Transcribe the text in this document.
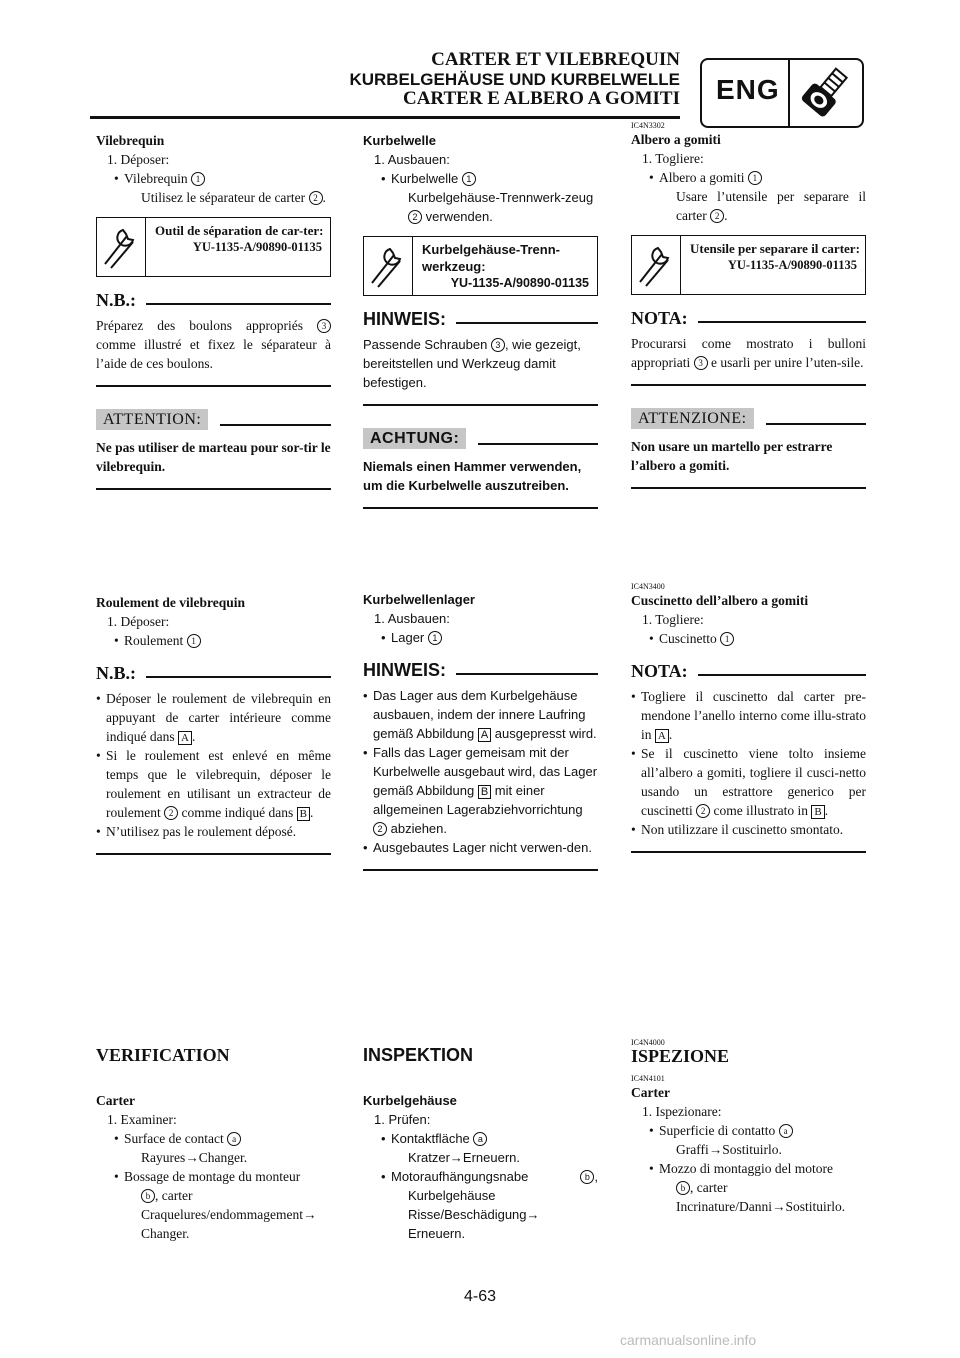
CARTER ET VILEBREQUIN
KURBELGEHÄUSE UND KURBELWELLE
CARTER E ALBERO A GOMITI ENG
Vilebrequin
1. Déposer:
• Vilebrequin 1
Utilisez le séparateur de carter 2 .
Outil de séparation de car-ter:
YU-1135-A/90890-01135
N.B.:
Préparez des boulons appropriés 3 comme illustré et fixez le séparateur à l’aide de ces boulons.
ATTENTION:
Ne pas utiliser de marteau pour sor-tir le vilebrequin.
Roulement de vilebrequin
1. Déposer:
• Roulement 1
N.B.:
• Déposer le roulement de vilebrequin en appuyant de carter intérieure comme indiqué dans A .
• Si le roulement est enlevé en même temps que le vilebrequin, déposer le roulement en utilisant un extracteur de roulement 2 comme indiqué dans B .
• N’utilisez pas le roulement déposé.
VERIFICATION
Carter
1. Examiner:
• Surface de contact a
Rayures→Changer.
• Bossage de montage du monteur
b , carter
Craquelures/endommagement→ Changer.
Kurbelwelle
1. Ausbauen:
• Kurbelwelle 1
Kurbelgehäuse-Trennwerk-zeug 2 verwenden.
Kurbelgehäuse-Trenn-werkzeug:
YU-1135-A/90890-01135
HINWEIS:
Passende Schrauben 3 , wie gezeigt, bereitstellen und Werkzeug damit befestigen.
ACHTUNG:
Niemals einen Hammer verwenden, um die Kurbelwelle auszutreiben.
Kurbelwellenlager
1. Ausbauen:
• Lager 1
HINWEIS:
• Das Lager aus dem Kurbelgehäuse ausbauen, indem der innere Laufring gemäß Abbildung A ausgepresst wird.
• Falls das Lager gemeisam mit der Kurbelwelle ausgebaut wird, das Lager gemäß Abbildung B mit einer allgemeinen Lagerabziehvorrichtung 2 abziehen.
• Ausgebautes Lager nicht verwen-den.
INSPEKTION
Kurbelgehäuse
1. Prüfen:
• Kontaktfläche a
Kratzer→Erneuern.
• Motoraufhängungsnabe	b ,
Kurbelgehäuse
Risse/Beschädigung→ Erneuern.
IC4N3302
Albero a gomiti
1. Togliere:
• Albero a gomiti 1
Usare l’utensile per separare il carter 2 .
Utensile per separare il carter:
YU-1135-A/90890-01135
NOTA:
Procurarsi come mostrato i bulloni appropriati 3 e usarli per unire l’uten-sile.
ATTENZIONE:
Non usare un martello per estrarre l’albero a gomiti.
IC4N3400
Cuscinetto dell’albero a gomiti
1. Togliere:
• Cuscinetto 1
NOTA:
• Togliere il cuscinetto dal carter pre-mendone l’anello interno come illu-strato in A .
• Se il cuscinetto viene tolto insieme all’albero a gomiti, togliere il cusci-netto usando un estrattore generico per cuscinetti 2 come illustrato in B .
• Non utilizzare il cuscinetto smontato.
IC4N4000
ISPEZIONE
IC4N4101
Carter
1. Ispezionare:
• Superficie di contatto a
Graffi→Sostituirlo.
• Mozzo di montaggio del motore
b , carter
Incrinature/Danni→Sostituirlo.
4-63
carmanualsonline.info
